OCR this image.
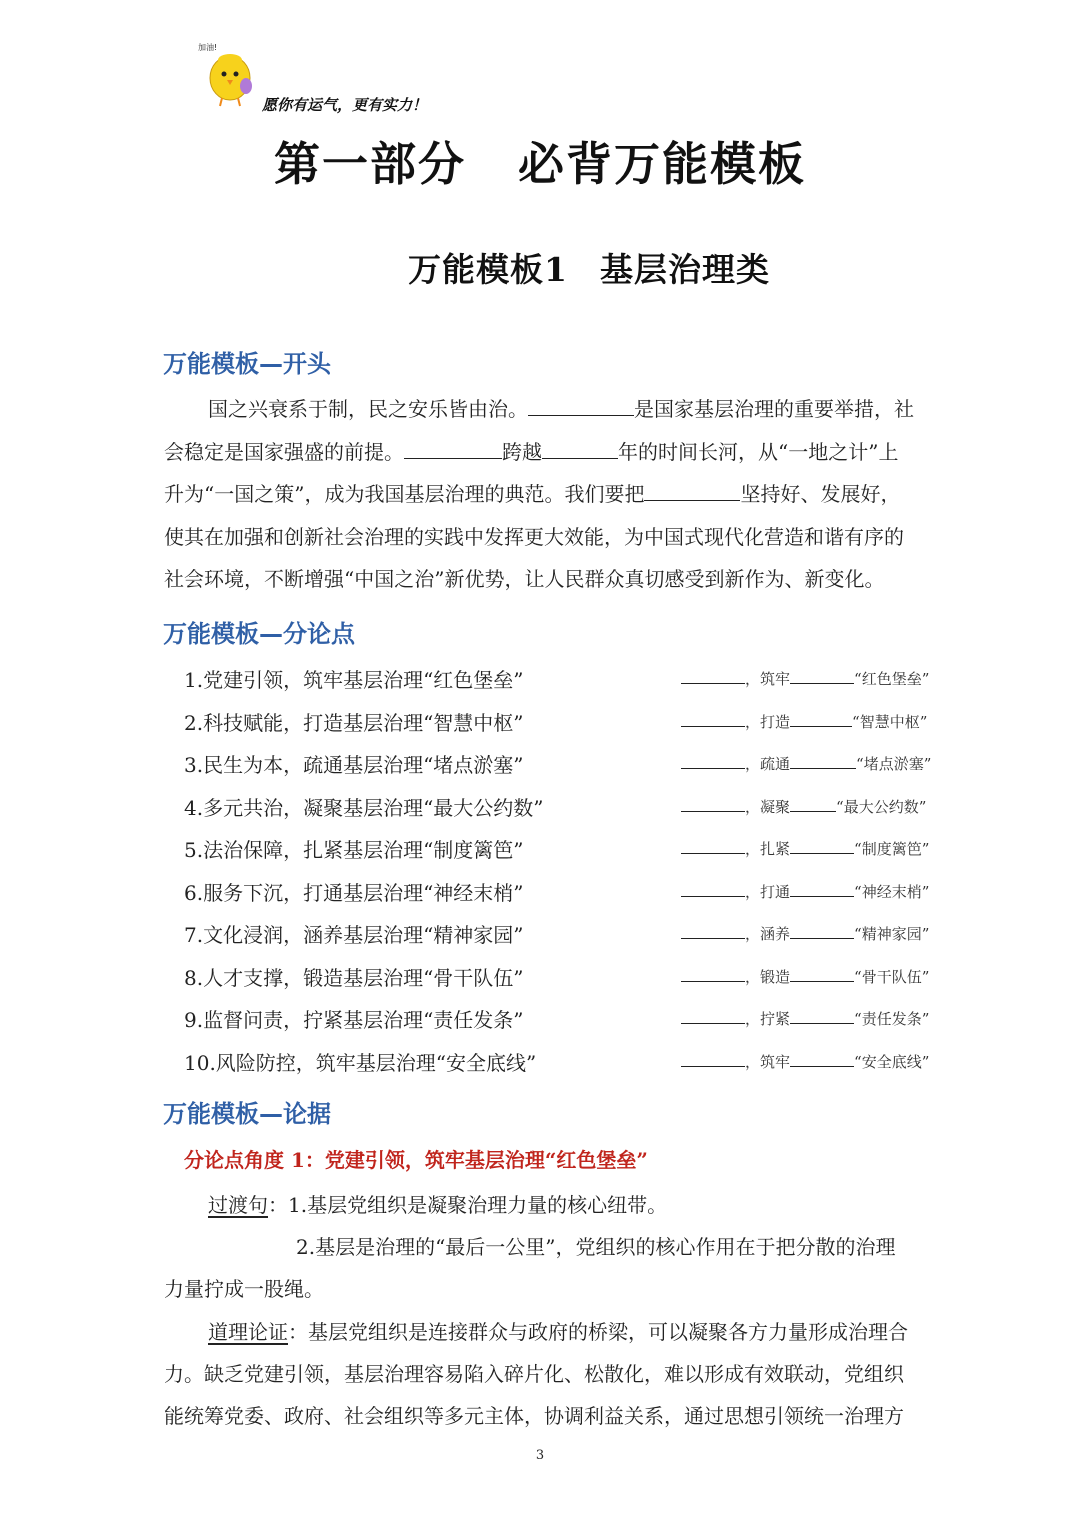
加油!
愿你有运气，更有实力！
第一部分 必背万能模板
万能模板1 基层治理类
万能模板—开头
国之兴衰系于制，民之安乐皆由治。	是国家基层治理的重要举措，社
会稳定是国家强盛的前提。	跨越	年的时间长河，从“一地之计”上
升为“一国之策”，成为我国基层治理的典范。我们要把	坚持好、发展好，
使其在加强和创新社会治理的实践中发挥更大效能，为中国式现代化营造和谐有序的
社会环境，不断增强“中国之治”新优势，让人民群众真切感受到新作为、新变化。
万能模板—分论点
1.党建引领，筑牢基层治理“红色堡垒”	，筑牢	“红色堡垒”
2.科技赋能，打造基层治理“智慧中枢”	，打造	“智慧中枢”
3.民生为本，疏通基层治理“堵点淤塞”	，疏通	“堵点淤塞”
4.多元共治，凝聚基层治理“最大公约数”	，凝聚	“最大公约数”
5.法治保障，扎紧基层治理“制度篱笆”	，扎紧	“制度篱笆”
6.服务下沉，打通基层治理“神经末梢”	，打通	“神经末梢”
7.文化浸润，涵养基层治理“精神家园”	，涵养	“精神家园”
8.人才支撑，锻造基层治理“骨干队伍”	，锻造	“骨干队伍”
9.监督问责，拧紧基层治理“责任发条”	，拧紧	“责任发条”
10.风险防控，筑牢基层治理“安全底线”	，筑牢	“安全底线”
万能模板—论据
分论点角度 1：党建引领，筑牢基层治理“红色堡垒”
过渡句：1.基层党组织是凝聚治理力量的核心纽带。
2.基层是治理的“最后一公里”，党组织的核心作用在于把分散的治理
力量拧成一股绳。
道理论证：基层党组织是连接群众与政府的桥梁，可以凝聚各方力量形成治理合
力。缺乏党建引领，基层治理容易陷入碎片化、松散化，难以形成有效联动，党组织
能统筹党委、政府、社会组织等多元主体，协调利益关系，通过思想引领统一治理方
3
